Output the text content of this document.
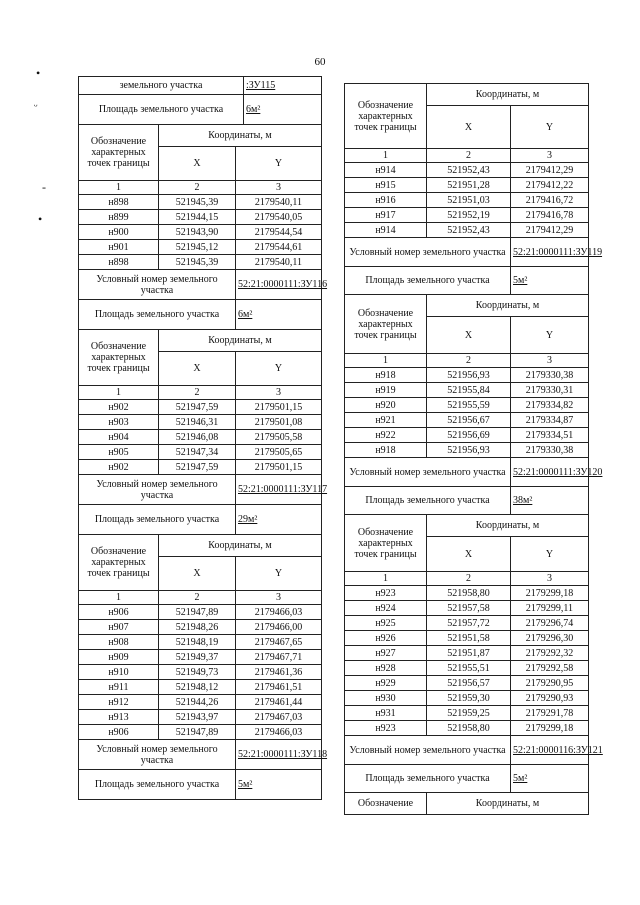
60
•
ᵕ
-
•
земельного участка	:ЗУ115
Площадь земельного участка	6м²
Обозначение характерных точек границы	Координаты, м	
	X	Y
1	2	3
н898	521945,39	2179540,11
н899	521944,15	2179540,05
н900	521943,90	2179544,54
н901	521945,12	2179544,61
н898	521945,39	2179540,11
Условный номер земельного участка	52:21:0000111:ЗУ116
Площадь земельного участка	6м²
Обозначение характерных точек границы	Координаты, м	
	X	Y
1	2	3
н902	521947,59	2179501,15
н903	521946,31	2179501,08
н904	521946,08	2179505,58
н905	521947,34	2179505,65
н902	521947,59	2179501,15
Условный номер земельного участка	52:21:0000111:ЗУ117
Площадь земельного участка	29м²
Обозначение характерных точек границы	Координаты, м	
	X	Y
1	2	3
н906	521947,89	2179466,03
н907	521948,26	2179466,00
н908	521948,19	2179467,65
н909	521949,37	2179467,71
н910	521949,73	2179461,36
н911	521948,12	2179461,51
н912	521944,26	2179461,44
н913	521943,97	2179467,03
н906	521947,89	2179466,03
Условный номер земельного участка	52:21:0000111:ЗУ118
Площадь земельного участка	5м²
Обозначение характерных точек границы	Координаты, м	
	X	Y
1	2	3
н914	521952,43	2179412,29
н915	521951,28	2179412,22
н916	521951,03	2179416,72
н917	521952,19	2179416,78
н914	521952,43	2179412,29
Условный номер земельного участка	52:21:0000111:ЗУ119
Площадь земельного участка	5м²
Обозначение характерных точек границы	Координаты, м	
	X	Y
1	2	3
н918	521956,93	2179330,38
н919	521955,84	2179330,31
н920	521955,59	2179334,82
н921	521956,67	2179334,87
н922	521956,69	2179334,51
н918	521956,93	2179330,38
Условный номер земельного участка	52:21:0000111:ЗУ120
Площадь земельного участка	38м²
Обозначение характерных точек границы	Координаты, м	
	X	Y
1	2	3
н923	521958,80	2179299,18
н924	521957,58	2179299,11
н925	521957,72	2179296,74
н926	521951,58	2179296,30
н927	521951,87	2179292,32
н928	521955,51	2179292,58
н929	521956,57	2179290,95
н930	521959,30	2179290,93
н931	521959,25	2179291,78
н923	521958,80	2179299,18
Условный номер земельного участка	52:21:0000116:ЗУ121
Площадь земельного участка	5м²
Обозначение	Координаты, м
